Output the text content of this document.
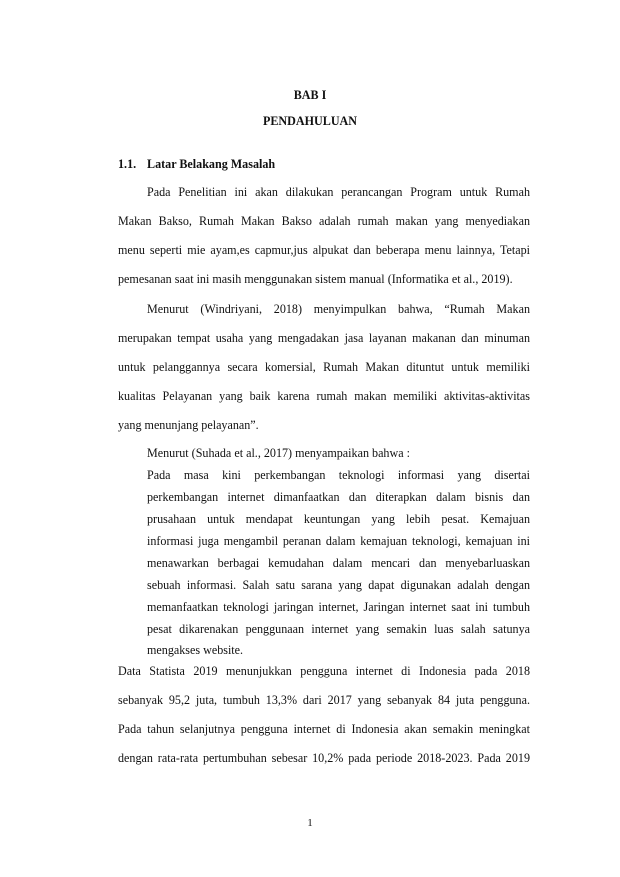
BAB I

PENDAHULUAN

1.1. Latar Belakang Masalah

Pada Penelitian ini akan dilakukan perancangan Program untuk Rumah

Makan Bakso, Rumah Makan Bakso adalah rumah makan yang menyediakan

menu seperti mie ayam,es capmur,jus alpukat dan beberapa menu lainnya, Tetapi

pemesanan saat ini masih menggunakan sistem manual (Informatika et al., 2019).

Menurut (Windriyani, 2018) menyimpulkan bahwa, “Rumah Makan

merupakan tempat usaha yang mengadakan jasa layanan makanan dan minuman

untuk pelanggannya secara komersial, Rumah Makan dituntut untuk memiliki

kualitas Pelayanan yang baik karena rumah makan memiliki aktivitas-aktivitas

yang menunjang pelayanan”.

Menurut (Suhada et al., 2017) menyampaikan bahwa :

Pada masa kini perkembangan teknologi informasi yang disertai

perkembangan internet dimanfaatkan dan diterapkan dalam bisnis dan

prusahaan untuk mendapat keuntungan yang lebih pesat. Kemajuan

informasi juga mengambil peranan dalam kemajuan teknologi, kemajuan ini

menawarkan berbagai kemudahan dalam mencari dan menyebarluaskan

sebuah informasi. Salah satu sarana yang dapat digunakan adalah dengan

memanfaatkan teknologi jaringan internet, Jaringan internet saat ini tumbuh

pesat dikarenakan penggunaan internet yang semakin luas salah satunya

mengakses website.

Data Statista 2019 menunjukkan pengguna internet di Indonesia pada 2018

sebanyak 95,2 juta, tumbuh 13,3% dari 2017 yang sebanyak 84 juta pengguna.

Pada tahun selanjutnya pengguna internet di Indonesia akan semakin meningkat

dengan rata-rata pertumbuhan sebesar 10,2% pada periode 2018-2023. Pada 2019

1
